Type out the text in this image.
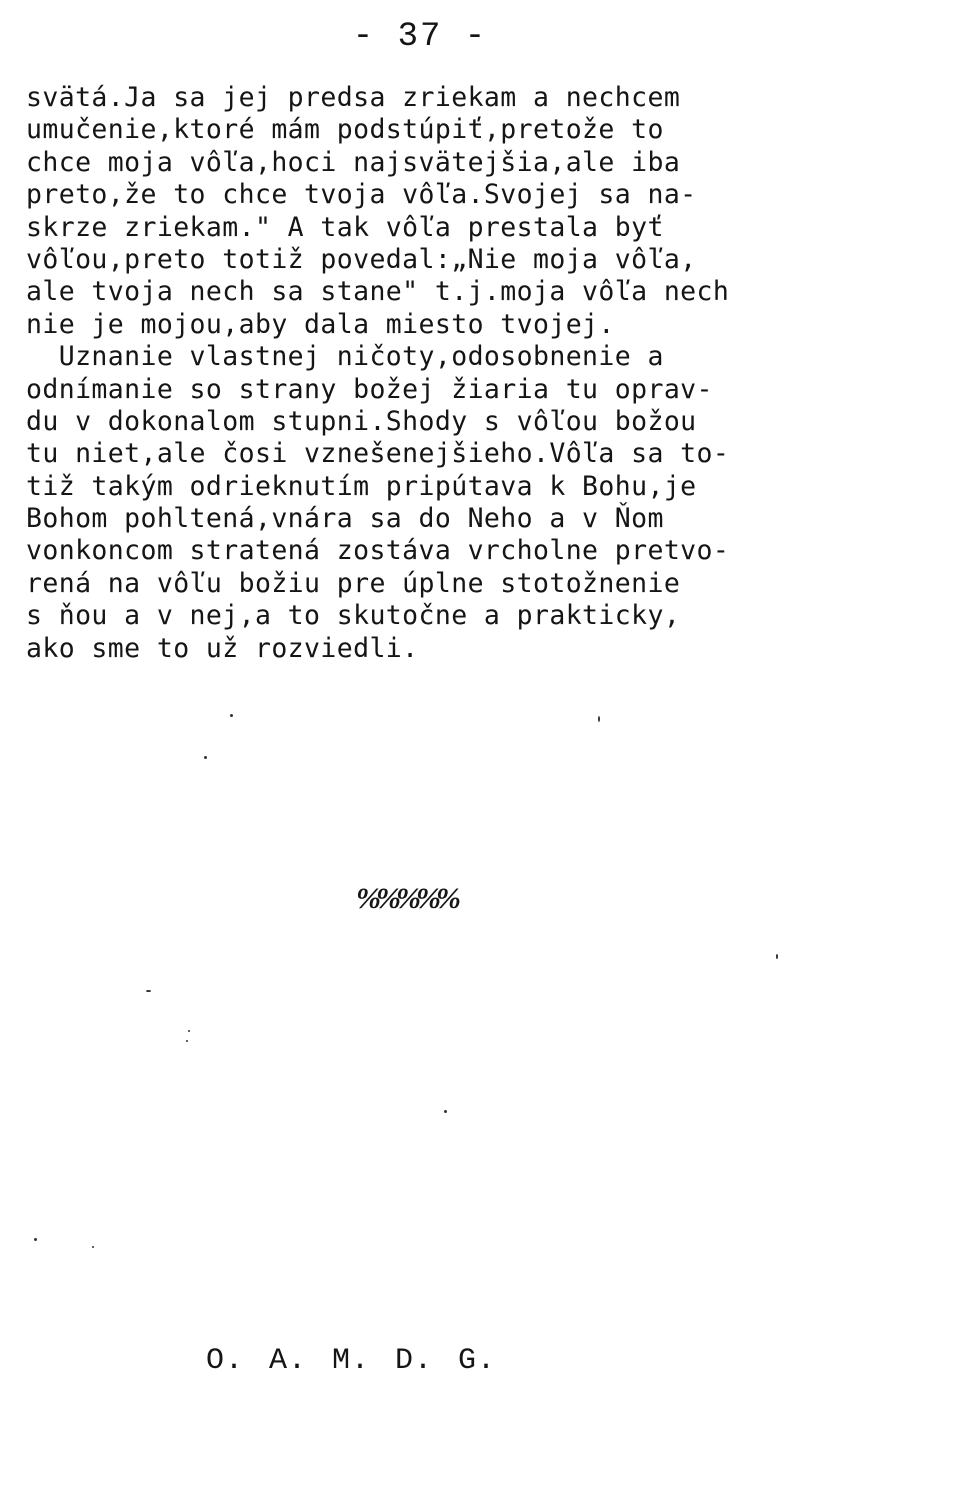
- 37 -
svätá.Ja sa jej predsa zriekam a nechcem
umučenie,ktoré mám podstúpiť,pretože to
chce moja vôľa,hoci najsvätejšia,ale iba
preto,že to chce tvoja vôľa.Svojej sa na-
skrze zriekam." A tak vôľa prestala byť
vôľou,preto totiž povedal:„Nie moja vôľa,
ale tvoja nech sa stane" t.j.moja vôľa nech
nie je mojou,aby dala miesto tvojej.
Uznanie vlastnej ničoty,odosobnenie a
odnímanie so strany božej žiaria tu oprav-
du v dokonalom stupni.Shody s vôľou božou
tu niet,ale čosi vznešenejšieho.Vôľa sa to-
tiž takým odrieknutím pripútava k Bohu,je
Bohom pohltená,vnára sa do Neho a v Ňom
vonkoncom stratená zostáva vrcholne pretvo-
rená na vôľu božiu pre úplne stotožnenie
s ňou a v nej,a to skutočne a prakticky,
ako sme to už rozviedli.
%%%%%
O. A. M. D. G.
